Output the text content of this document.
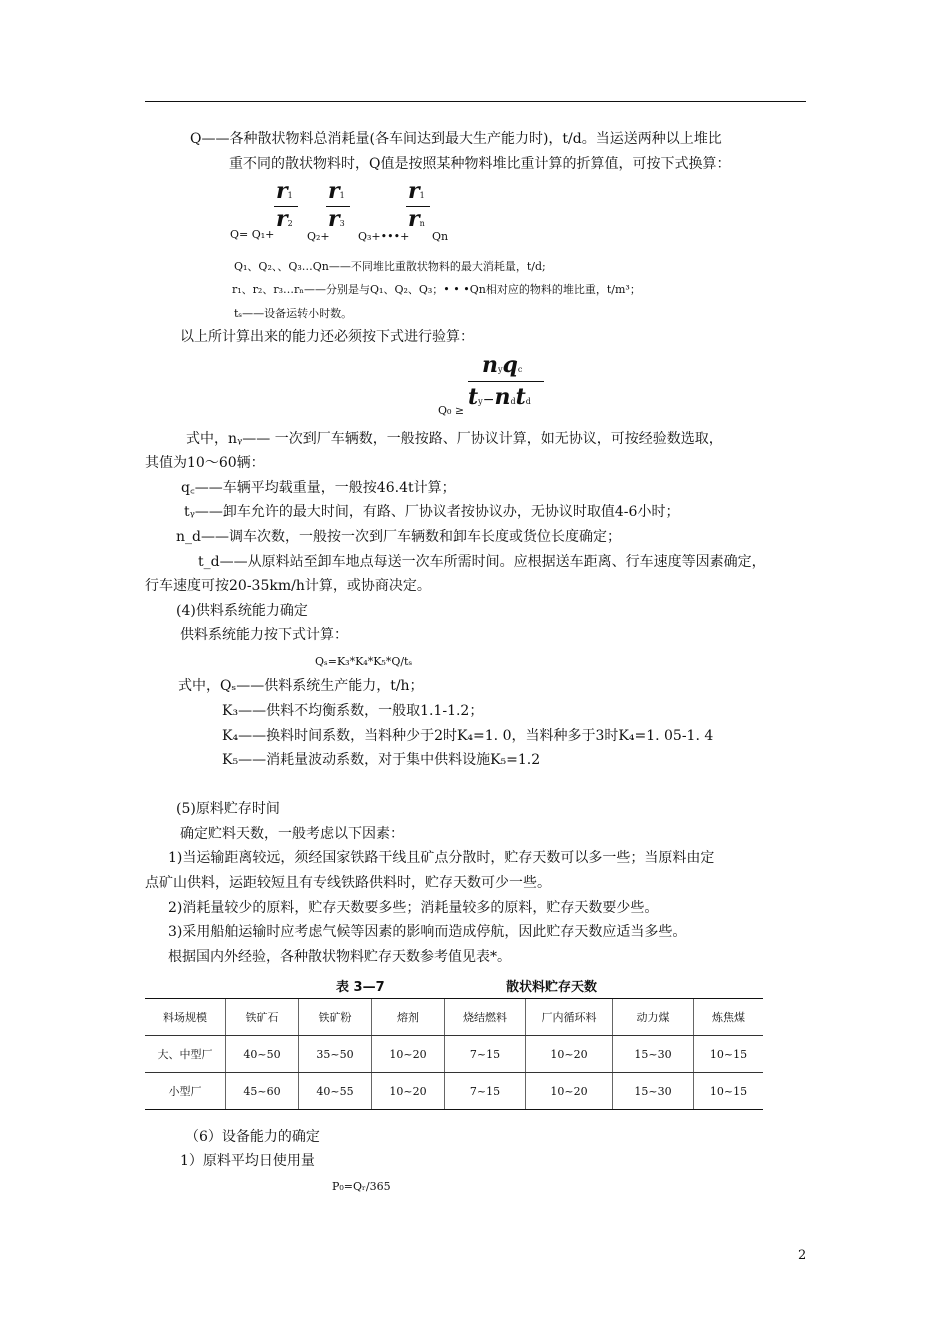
Q——各种散状物料总消耗量(各车间达到最大生产能力时)，t/d。当运送两种以上堆比
重不同的散状物料时，Q值是按照某种物料堆比重计算的折算值，可按下式换算：
Q= Q₁+
r1
r2
Q₂+
r1
r3
Q₃+•••+
r1
rn
Qn
Q₁、Q₂、、Q₃…Qn——不同堆比重散状物料的最大消耗量，t/d;
r₁、r₂、r₃…rₙ——分别是与Q₁、Q₂、Q₃；• • •Qn相对应的物料的堆比重，t/m³；
tₛ——设备运转小时数。
以上所计算出来的能力还必须按下式进行验算：
nyqc
Q₀ ≥
ty−ndtd
式中，nᵧ—— 一次到厂车辆数，一般按路、厂协议计算，如无协议，可按经验数选取，
其值为10～60辆：
q꜀——车辆平均载重量，一般按46.4t计算；
tᵧ——卸车允许的最大时间，有路、厂协议者按协议办，无协议时取值4-6小时；
n_d——调车次数，一般按一次到厂车辆数和卸车长度或货位长度确定；
t_d——从原料站至卸车地点每送一次车所需时间。应根据送车距离、行车速度等因素确定，
行车速度可按20-35km/h计算，或协商决定。
(4)供料系统能力确定
供料系统能力按下式计算：
Qₛ=K₃*K₄*K₅*Q/tₛ
式中，Qₛ——供料系统生产能力，t/h；
K₃——供料不均衡系数，一般取1.1-1.2；
K₄——换料时间系数，当料种少于2时K₄=1. 0，当料种多于3时K₄=1. 05-1. 4
K₅——消耗量波动系数，对于集中供料设施K₅=1.2
(5)原料贮存时间
确定贮料天数，一般考虑以下因素：
1)当运输距离较远，须经国家铁路干线且矿点分散时，贮存天数可以多一些；当原料由定
点矿山供料，运距较短且有专线铁路供料时，贮存天数可少一些。
2)消耗量较少的原料，贮存天数要多些；消耗量较多的原料，贮存天数要少些。
3)采用船舶运输时应考虑气候等因素的影响而造成停航，因此贮存天数应适当多些。
根据国内外经验，各种散状物料贮存天数参考值见表*。
表 3—7	散状料贮存天数
料场规模	铁矿石	铁矿粉	熔剂	烧结燃料	厂内循环料	动力煤	炼焦煤
大、中型厂	40~50	35~50	10~20	7~15	10~20	15~30	10~15
小型厂	45~60	40~55	10~20	7~15	10~20	15~30	10~15
（6）设备能力的确定
1）原料平均日使用量
P₀=Qᵣ/365
2
